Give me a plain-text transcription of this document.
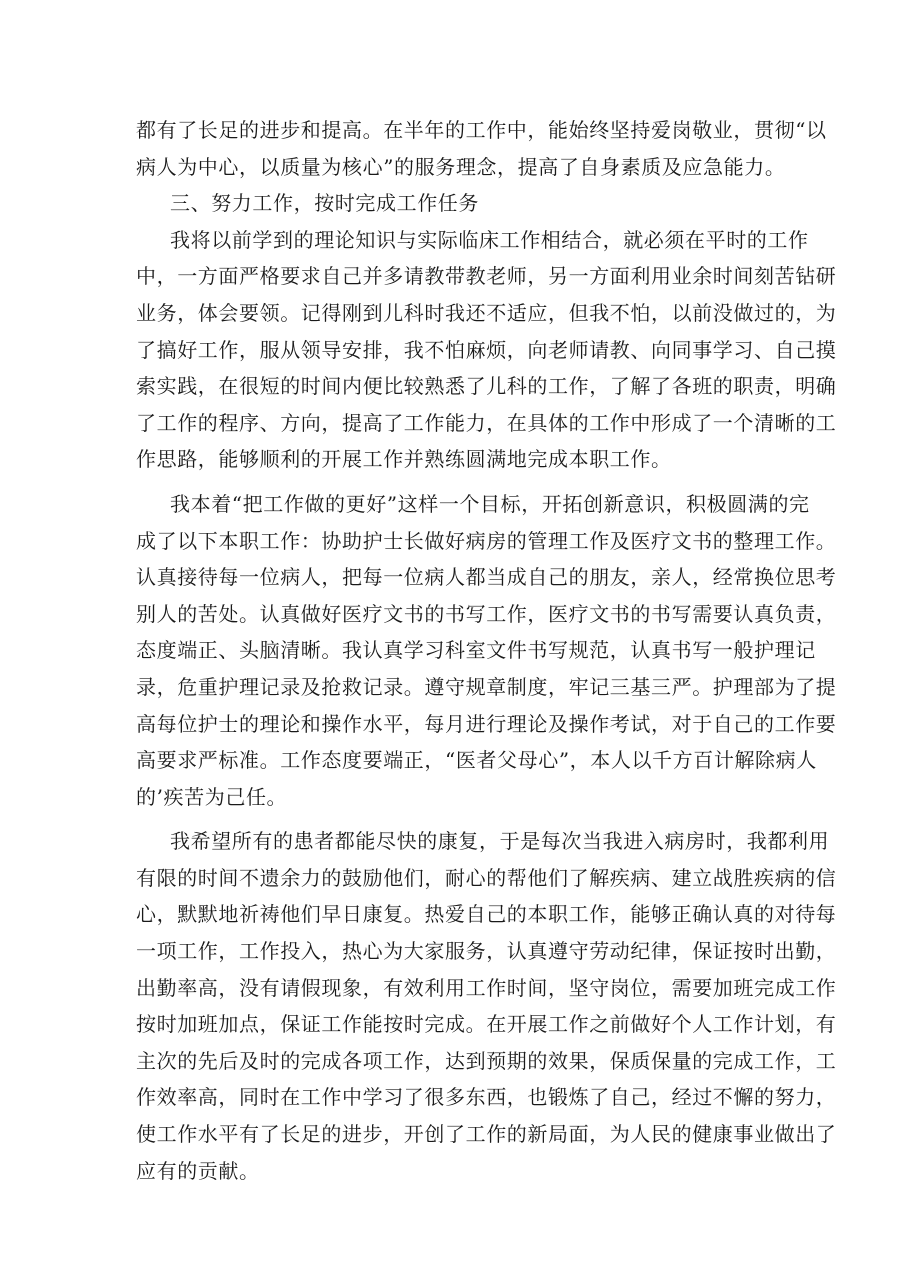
都有了长足的进步和提高。在半年的工作中，能始终坚持爱岗敬业，贯彻“以
病人为中心，以质量为核心”的服务理念，提高了自身素质及应急能力。
三、努力工作，按时完成工作任务
我将以前学到的理论知识与实际临床工作相结合，就必须在平时的工作
中，一方面严格要求自己并多请教带教老师，另一方面利用业余时间刻苦钻研
业务，体会要领。记得刚到儿科时我还不适应，但我不怕，以前没做过的，为
了搞好工作，服从领导安排，我不怕麻烦，向老师请教、向同事学习、自己摸
索实践，在很短的时间内便比较熟悉了儿科的工作，了解了各班的职责，明确
了工作的程序、方向，提高了工作能力，在具体的工作中形成了一个清晰的工
作思路，能够顺利的开展工作并熟练圆满地完成本职工作。
我本着“把工作做的更好”这样一个目标，开拓创新意识，积极圆满的完
成了以下本职工作：协助护士长做好病房的管理工作及医疗文书的整理工作。
认真接待每一位病人，把每一位病人都当成自己的朋友，亲人，经常换位思考
别人的苦处。认真做好医疗文书的书写工作，医疗文书的书写需要认真负责，
态度端正、头脑清晰。我认真学习科室文件书写规范，认真书写一般护理记
录，危重护理记录及抢救记录。遵守规章制度，牢记三基三严。护理部为了提
高每位护士的理论和操作水平，每月进行理论及操作考试，对于自己的工作要
高要求严标准。工作态度要端正，“医者父母心”，本人以千方百计解除病人
的’疾苦为己任。
我希望所有的患者都能尽快的康复，于是每次当我进入病房时，我都利用
有限的时间不遗余力的鼓励他们，耐心的帮他们了解疾病、建立战胜疾病的信
心，默默地祈祷他们早日康复。热爱自己的本职工作，能够正确认真的对待每
一项工作，工作投入，热心为大家服务，认真遵守劳动纪律，保证按时出勤，
出勤率高，没有请假现象，有效利用工作时间，坚守岗位，需要加班完成工作
按时加班加点，保证工作能按时完成。在开展工作之前做好个人工作计划，有
主次的先后及时的完成各项工作，达到预期的效果，保质保量的完成工作，工
作效率高，同时在工作中学习了很多东西，也锻炼了自己，经过不懈的努力，
使工作水平有了长足的进步，开创了工作的新局面，为人民的健康事业做出了
应有的贡献。
